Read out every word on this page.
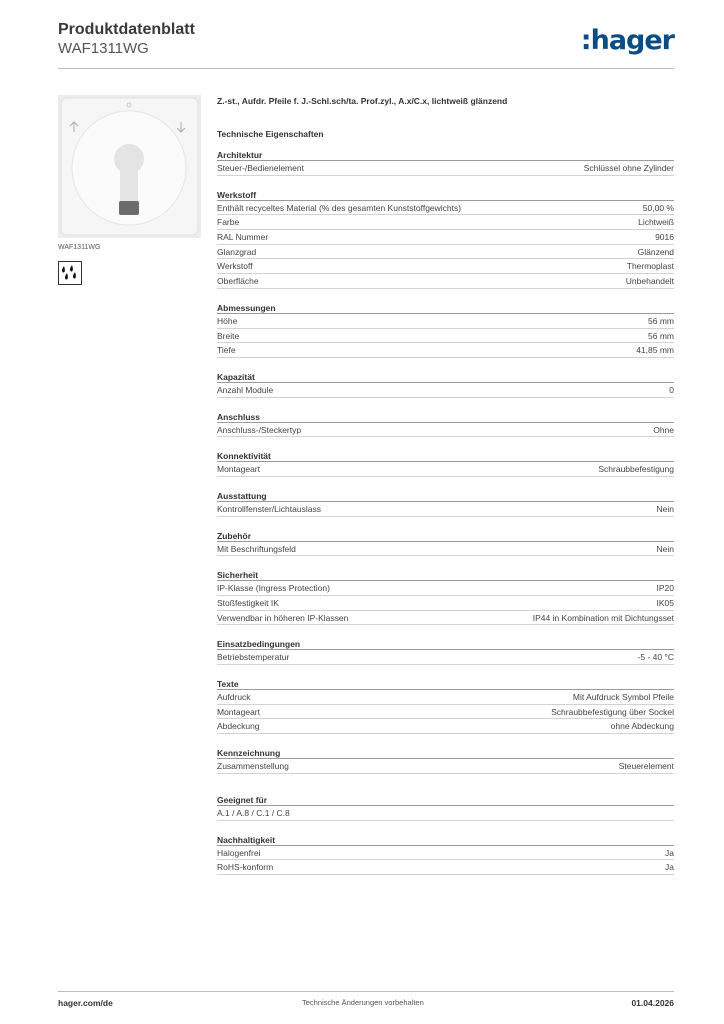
Produktdatenblatt
WAF1311WG	:hager
WAF1311WG
Z.-st., Aufdr. Pfeile f. J.-Schl.sch/ta. Prof.zyl., A.x/C.x, lichtweiß glänzend
Technische Eigenschaften
Architektur
Steuer-/Bedienelement	Schlüssel ohne Zylinder
Werkstoff
Enthält recyceltes Material (% des gesamten Kunststoffgewichts)	50,00 %
Farbe	Lichtweiß
RAL Nummer	9016
Glanzgrad	Glänzend
Werkstoff	Thermoplast
Oberfläche	Unbehandelt
Abmessungen
Höhe	56 mm
Breite	56 mm
Tiefe	41,85 mm
Kapazität
Anzahl Module	0
Anschluss
Anschluss-/Steckertyp	Ohne
Konnektivität
Montageart	Schraubbefestigung
Ausstattung
Kontrollfenster/Lichtauslass	Nein
Zubehör
Mit Beschriftungsfeld	Nein
Sicherheit
IP-Klasse (Ingress Protection)	IP20
Stoßfestigkeit IK	IK05
Verwendbar in höheren IP-Klassen	IP44 in Kombination mit Dichtungsset
Einsatzbedingungen
Betriebstemperatur	-5 - 40 °C
Texte
Aufdruck	Mit Aufdruck Symbol Pfeile
Montageart	Schraubbefestigung über Sockel
Abdeckung	ohne Abdeckung
Kennzeichnung
Zusammenstellung	Steuerelement
Geeignet für
A.1 / A.8 / C.1 / C.8
Nachhaltigkeit
Halogenfrei	Ja
RoHS-konform	Ja
hager.com/de	Technische Änderungen vorbehalten	01.04.2026
